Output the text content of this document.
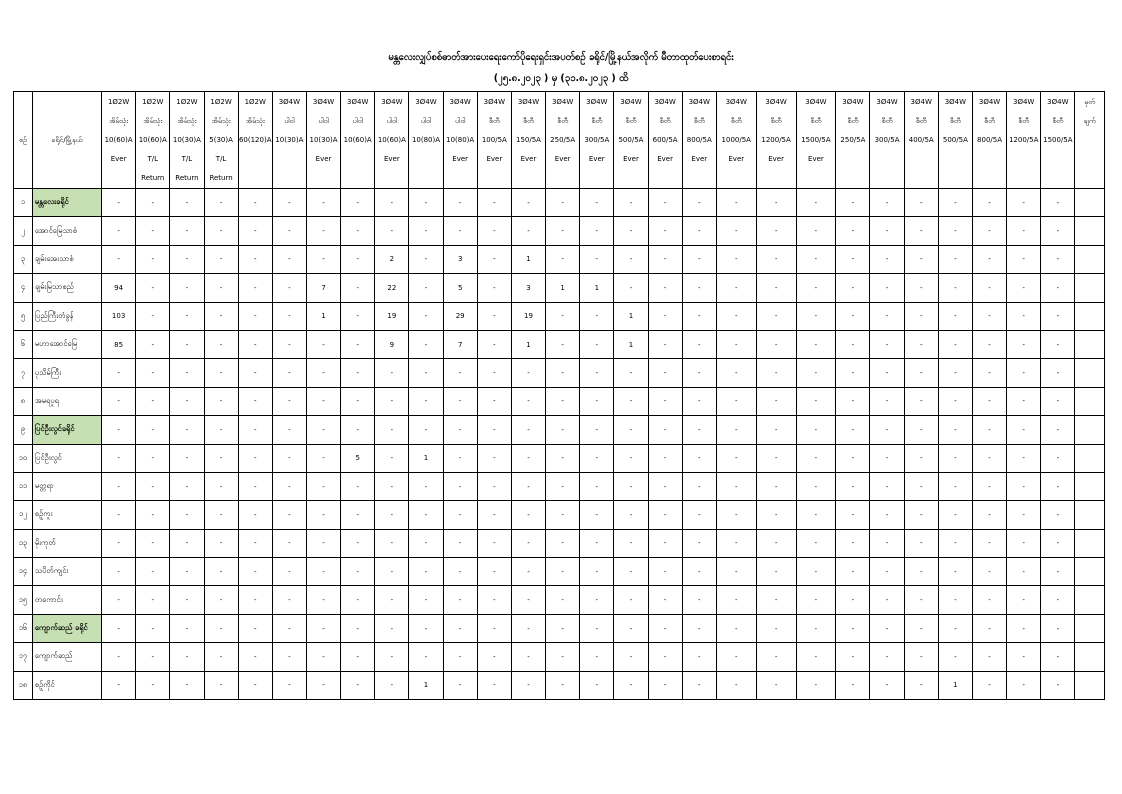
မန္တလေးလျှပ်စစ်ဓာတ်အားပေးရေးကော်ပိုရေးရှင်းအပတ်စဉ် ခရိုင်/မြို့နယ်အလိုက် မီတာထုတ်ပေးစာရင်း
(၂၅.၈.၂၀၂၃ ) မှ (၃၁.၈.၂၀၂၃ ) ထိ
စဉ်	ခရိုင်/မြို့နယ်	1Ø2W
အိမ်သုံး
10(60)A
Ever	1Ø2W
အိမ်သုံး
10(60)A
T/L
Return	1Ø2W
အိမ်သုံး
10(30)A
T/L
Return	1Ø2W
အိမ်သုံး
5(30)A
T/L
Return	1Ø2W
အိမ်သုံး
60(120)A	3Ø4W
ပါဝါ
10(30)A	3Ø4W
ပါဝါ
10(30)A
Ever	3Ø4W
ပါဝါ
10(60)A	3Ø4W
ပါဝါ
10(60)A
Ever	3Ø4W
ပါဝါ
10(80)A	3Ø4W
ပါဝါ
10(80)A
Ever	3Ø4W
စီတီ
100/5A
Ever	3Ø4W
စီတီ
150/5A
Ever	3Ø4W
စီတီ
250/5A
Ever	3Ø4W
စီတီ
300/5A
Ever	3Ø4W
စီတီ
500/5A
Ever	3Ø4W
စီတီ
600/5A
Ever	3Ø4W
စီတီ
800/5A
Ever	3Ø4W
စီတီ
1000/5A
Ever	3Ø4W
စီတီ
1200/5A
Ever	3Ø4W
စီတီ
1500/5A
Ever	3Ø4W
စီတီ
250/5A	3Ø4W
စီတီ
300/5A	3Ø4W
စီတီ
400/5A	3Ø4W
စီတီ
500/5A	3Ø4W
စီတီ
800/5A	3Ø4W
စီတီ
1200/5A	3Ø4W
စီတီ
1500/5A	မှတ်
ချက်

၁	မန္တလေးခရိုင်	-	-	-	-	-	-	-	-	-	-	-	-	-	-	-	-	-	-	-	-	-	-	-	-	-	-	-	-	
၂	အောင်မြေသာစံ	-	-	-	-	-	-	-	-	-	-	-	-	-	-	-	-	-	-	-	-	-	-	-	-	-	-	-	-	
၃	ချမ်းအေးသာစံ	-	-	-	-	-	-	-	-	2	-	3	-	1	-	-	-	-	-	-	-	-	-	-	-	-	-	-	-	
၄	ချမ်းမြသာစည်	94	-	-	-	-	-	7	-	22	-	5	-	3	1	1	-	-	-	-	-	-	-	-	-	-	-	-	-	
၅	ပြည်ကြီးတံခွန်	103	-	-	-	-	-	1	-	19	-	29	-	19	-	-	1	-	-	-	-	-	-	-	-	-	-	-	-	
၆	မဟာအောင်မြေ	85	-	-	-	-	-	-	-	9	-	7	-	1	-	-	1	-	-	-	-	-	-	-	-	-	-	-	-	
၇	ပုသိမ်ကြီး	-	-	-	-	-	-	-	-	-	-	-	-	-	-	-	-	-	-	-	-	-	-	-	-	-	-	-	-	
၈	အမရပူရ	-	-	-	-	-	-	-	-	-	-	-	-	-	-	-	-	-	-	-	-	-	-	-	-	-	-	-	-	
၉	ပြင်ဦးလွင်ခရိုင်	-	-	-	-	-	-	-	-	-	-	-	-	-	-	-	-	-	-	-	-	-	-	-	-	-	-	-	-	
၁၀	ပြင်ဦးလွင်	-	-	-	-	-	-	-	5	-	1	-	-	-	-	-	-	-	-	-	-	-	-	-	-	-	-	-	-	
၁၁	မတ္တရာ	-	-	-	-	-	-	-	-	-	-	-	-	-	-	-	-	-	-	-	-	-	-	-	-	-	-	-	-	
၁၂	စဉ့်ကူး	-	-	-	-	-	-	-	-	-	-	-	-	-	-	-	-	-	-	-	-	-	-	-	-	-	-	-	-	
၁၃	မိုးကုတ်	-	-	-	-	-	-	-	-	-	-	-	-	-	-	-	-	-	-	-	-	-	-	-	-	-	-	-	-	
၁၄	သပိတ်ကျင်း	-	-	-	-	-	-	-	-	-	-	-	-	-	-	-	-	-	-	-	-	-	-	-	-	-	-	-	-	
၁၅	တကောင်း	-	-	-	-	-	-	-	-	-	-	-	-	-	-	-	-	-	-	-	-	-	-	-	-	-	-	-	-	
၁၆	ကျောက်ဆည် ခရိုင်	-	-	-	-	-	-	-	-	-	-	-	-	-	-	-	-	-	-	-	-	-	-	-	-	-	-	-	-	
၁၇	ကျောက်ဆည်	-	-	-	-	-	-	-	-	-	-	-	-	-	-	-	-	-	-	-	-	-	-	-	-	-	-	-	-	
၁၈	စဉ့်ကိုင်	-	-	-	-	-	-	-	-	-	1	-	-	-	-	-	-	-	-	-	-	-	-	-	-	1	-	-	-	
